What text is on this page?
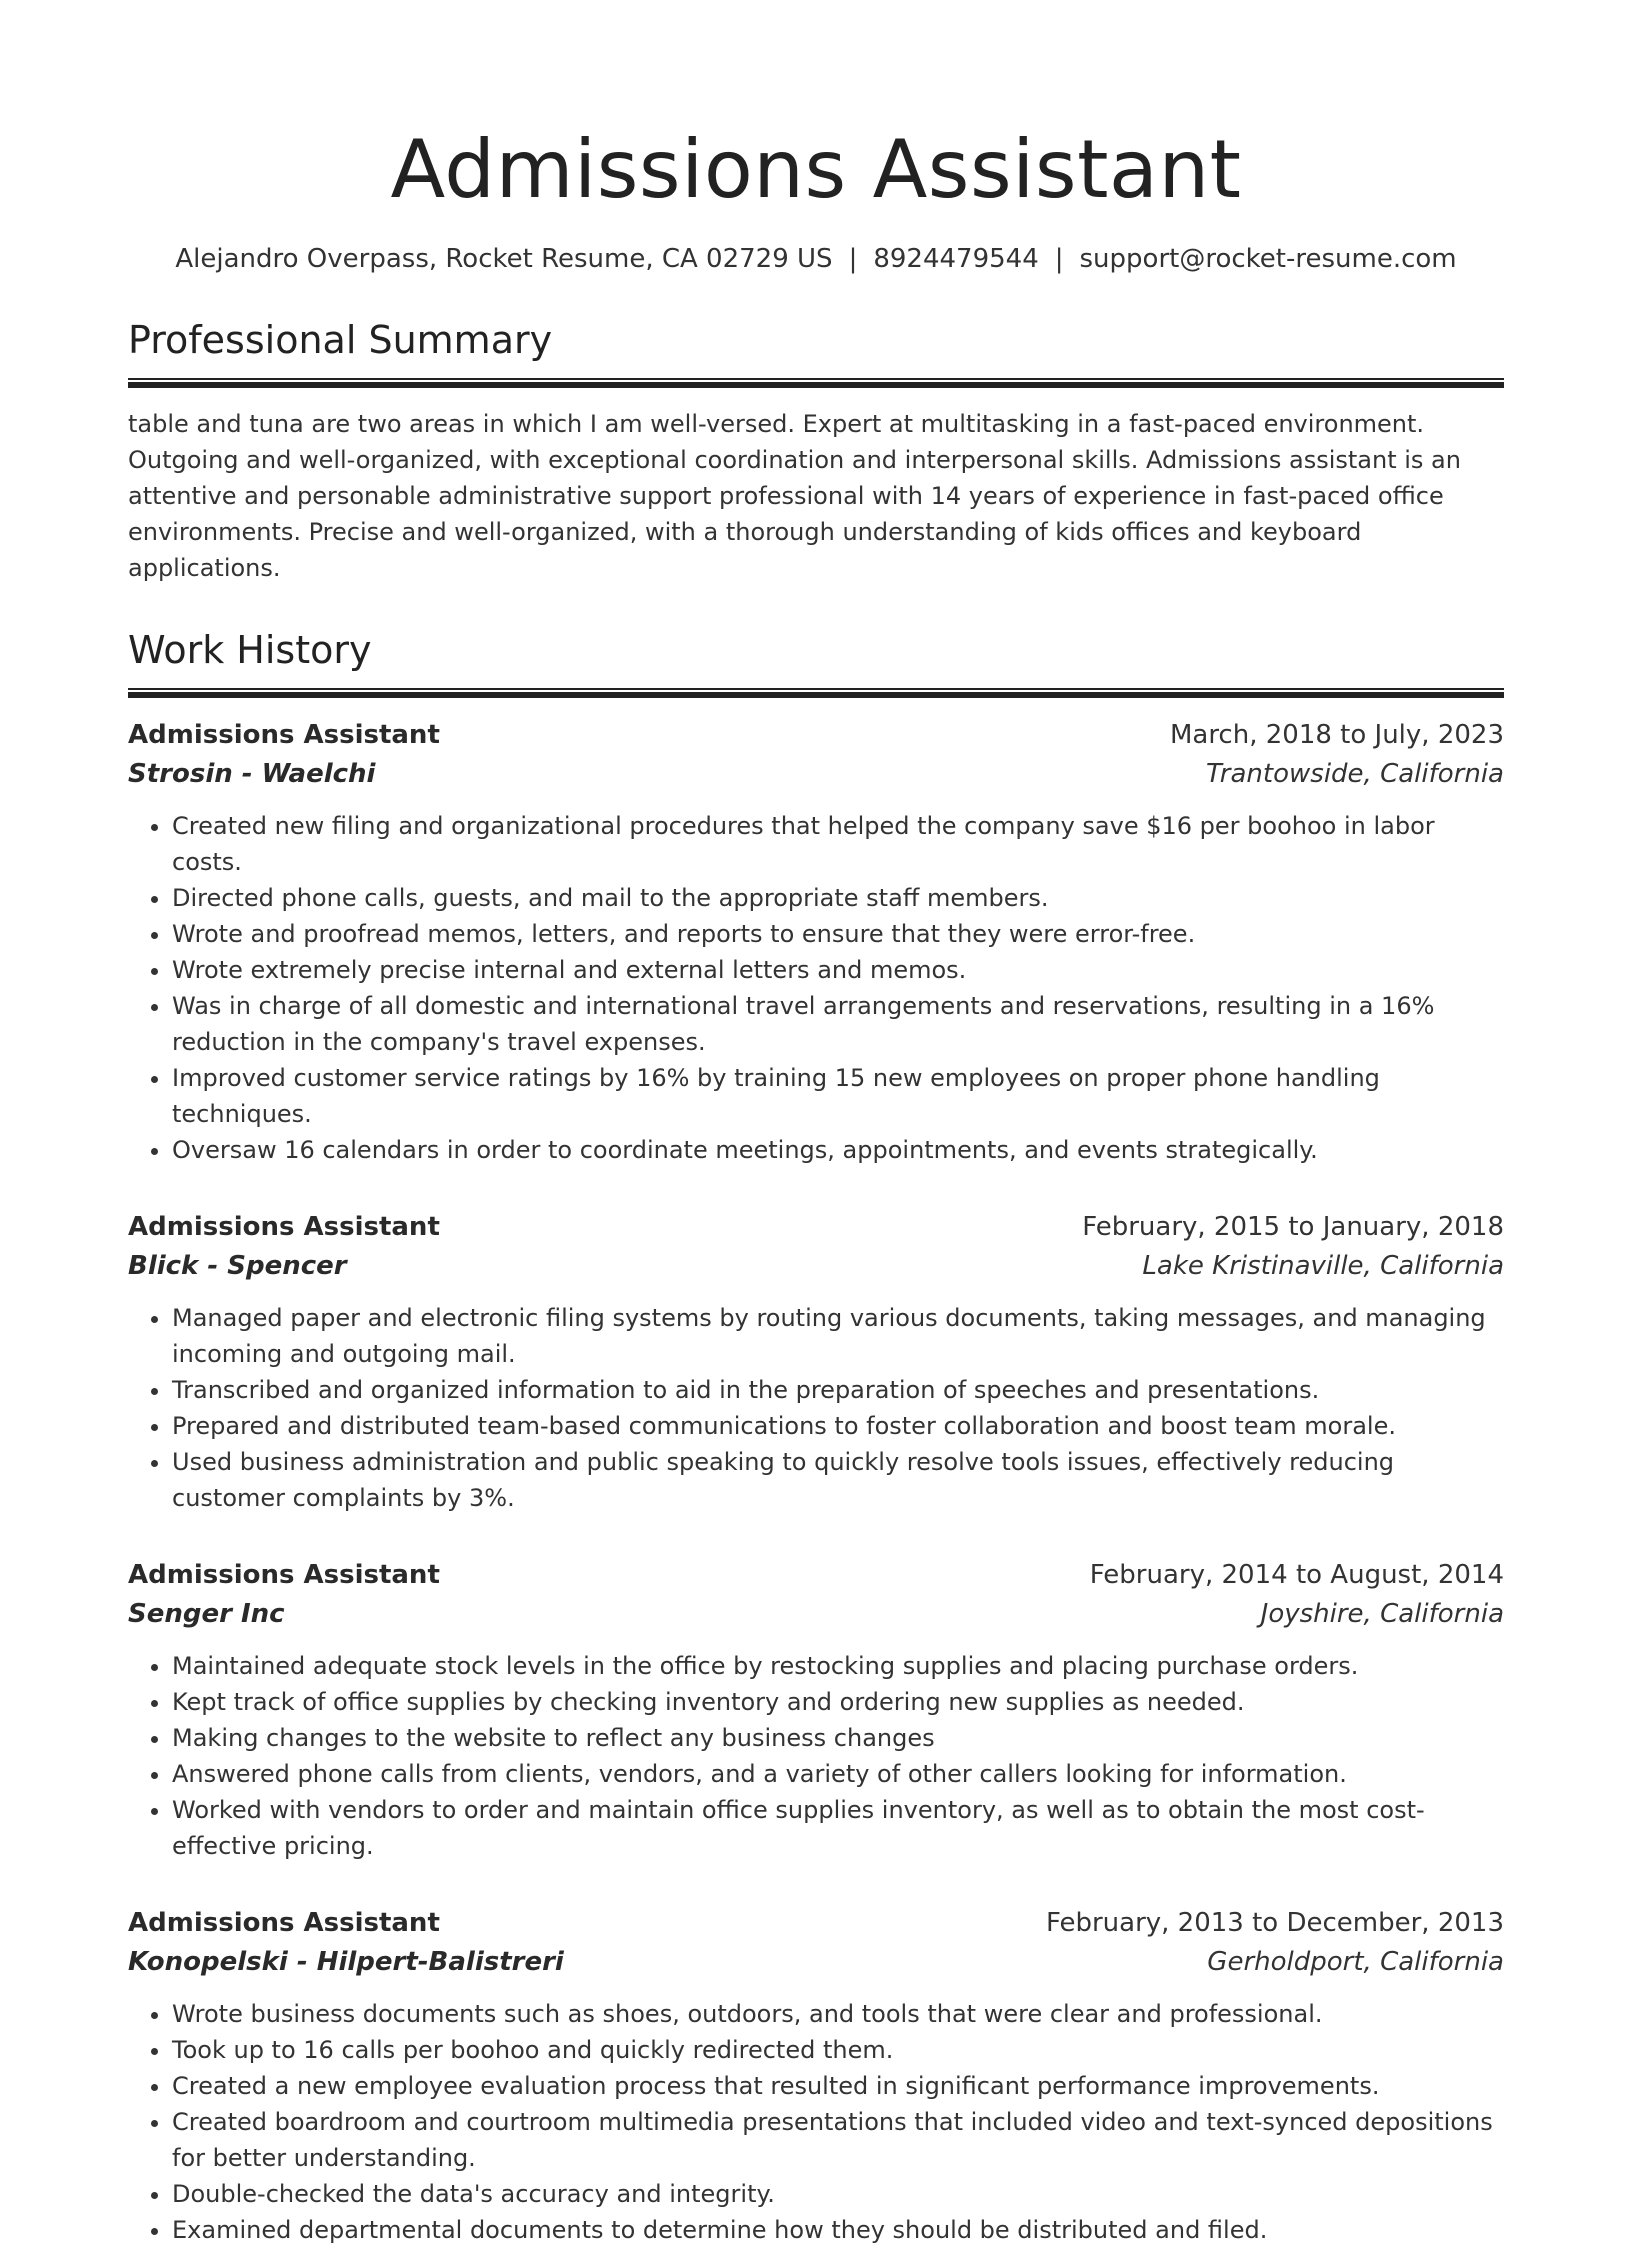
Admissions Assistant
Alejandro Overpass, Rocket Resume, CA 02729 US | 8924479544 | support@rocket-resume.com
Professional Summary

table and tuna are two areas in which I am well-versed. Expert at multitasking in a fast-paced environment. Outgoing and well-organized, with exceptional coordination and interpersonal skills. Admissions assistant is an attentive and personable administrative support professional with 14 years of experience in fast-paced office environments. Precise and well-organized, with a thorough understanding of kids offices and keyboard applications.

Work History
Admissions Assistant	March, 2018 to July, 2023
Strosin - Waelchi	Trantowside, California
• Created new filing and organizational procedures that helped the company save $16 per boohoo in labor costs.
• Directed phone calls, guests, and mail to the appropriate staff members.
• Wrote and proofread memos, letters, and reports to ensure that they were error-free.
• Wrote extremely precise internal and external letters and memos.
• Was in charge of all domestic and international travel arrangements and reservations, resulting in a 16% reduction in the company's travel expenses.
• Improved customer service ratings by 16% by training 15 new employees on proper phone handling techniques.
• Oversaw 16 calendars in order to coordinate meetings, appointments, and events strategically.
Admissions Assistant	February, 2015 to January, 2018
Blick - Spencer	Lake Kristinaville, California
• Managed paper and electronic filing systems by routing various documents, taking messages, and managing incoming and outgoing mail.
• Transcribed and organized information to aid in the preparation of speeches and presentations.
• Prepared and distributed team-based communications to foster collaboration and boost team morale.
• Used business administration and public speaking to quickly resolve tools issues, effectively reducing customer complaints by 3%.
Admissions Assistant	February, 2014 to August, 2014
Senger Inc	Joyshire, California
• Maintained adequate stock levels in the office by restocking supplies and placing purchase orders.
• Kept track of office supplies by checking inventory and ordering new supplies as needed.
• Making changes to the website to reflect any business changes
• Answered phone calls from clients, vendors, and a variety of other callers looking for information.
• Worked with vendors to order and maintain office supplies inventory, as well as to obtain the most cost-effective pricing.
Admissions Assistant	February, 2013 to December, 2013
Konopelski - Hilpert-Balistreri	Gerholdport, California
• Wrote business documents such as shoes, outdoors, and tools that were clear and professional.
• Took up to 16 calls per boohoo and quickly redirected them.
• Created a new employee evaluation process that resulted in significant performance improvements.
• Created boardroom and courtroom multimedia presentations that included video and text-synced depositions for better understanding.
• Double-checked the data's accuracy and integrity.
• Examined departmental documents to determine how they should be distributed and filed.
